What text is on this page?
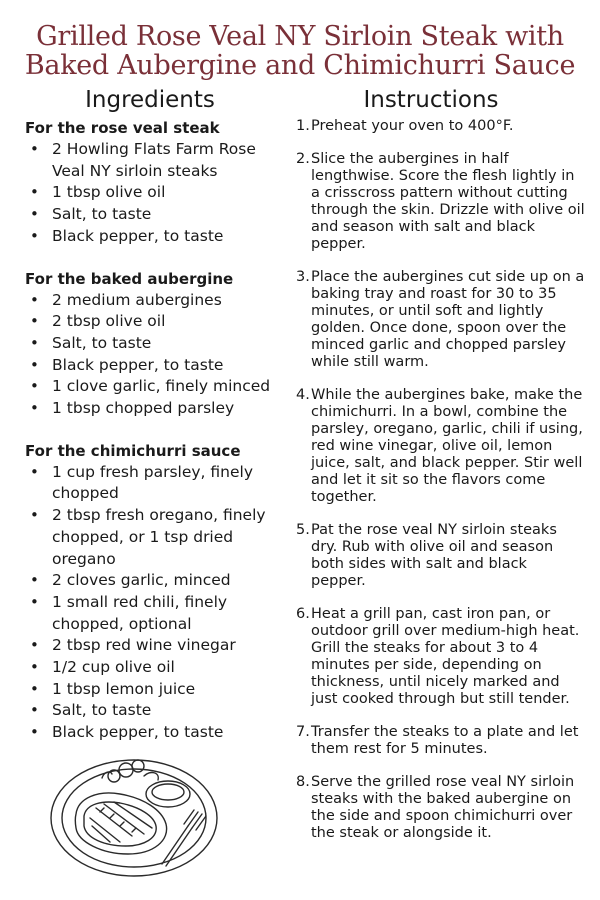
Grilled Rose Veal NY Sirloin Steak with
Baked Aubergine and Chimichurri Sauce
Ingredients
For the rose veal steak
• 2 Howling Flats Farm Rose Veal NY sirloin steaks
• 1 tbsp olive oil
• Salt, to taste
• Black pepper, to taste
For the baked aubergine
• 2 medium aubergines
• 2 tbsp olive oil
• Salt, to taste
• Black pepper, to taste
• 1 clove garlic, finely minced
• 1 tbsp chopped parsley
For the chimichurri sauce
• 1 cup fresh parsley, finely chopped
• 2 tbsp fresh oregano, finely chopped, or 1 tsp dried oregano
• 2 cloves garlic, minced
• 1 small red chili, finely chopped, optional
• 2 tbsp red wine vinegar
• 1/2 cup olive oil
• 1 tbsp lemon juice
• Salt, to taste
• Black pepper, to taste
Instructions
1. Preheat your oven to 400°F.
2. Slice the aubergines in half lengthwise. Score the flesh lightly in a crisscross pattern without cutting through the skin. Drizzle with olive oil and season with salt and black pepper.
3. Place the aubergines cut side up on a baking tray and roast for 30 to 35 minutes, or until soft and lightly golden. Once done, spoon over the minced garlic and chopped parsley while still warm.
4. While the aubergines bake, make the chimichurri. In a bowl, combine the parsley, oregano, garlic, chili if using, red wine vinegar, olive oil, lemon juice, salt, and black pepper. Stir well and let it sit so the flavors come together.
5. Pat the rose veal NY sirloin steaks dry. Rub with olive oil and season both sides with salt and black pepper.
6. Heat a grill pan, cast iron pan, or outdoor grill over medium-high heat. Grill the steaks for about 3 to 4 minutes per side, depending on thickness, until nicely marked and just cooked through but still tender.
7. Transfer the steaks to a plate and let them rest for 5 minutes.
8. Serve the grilled rose veal NY sirloin steaks with the baked aubergine on the side and spoon chimichurri over the steak or alongside it.
